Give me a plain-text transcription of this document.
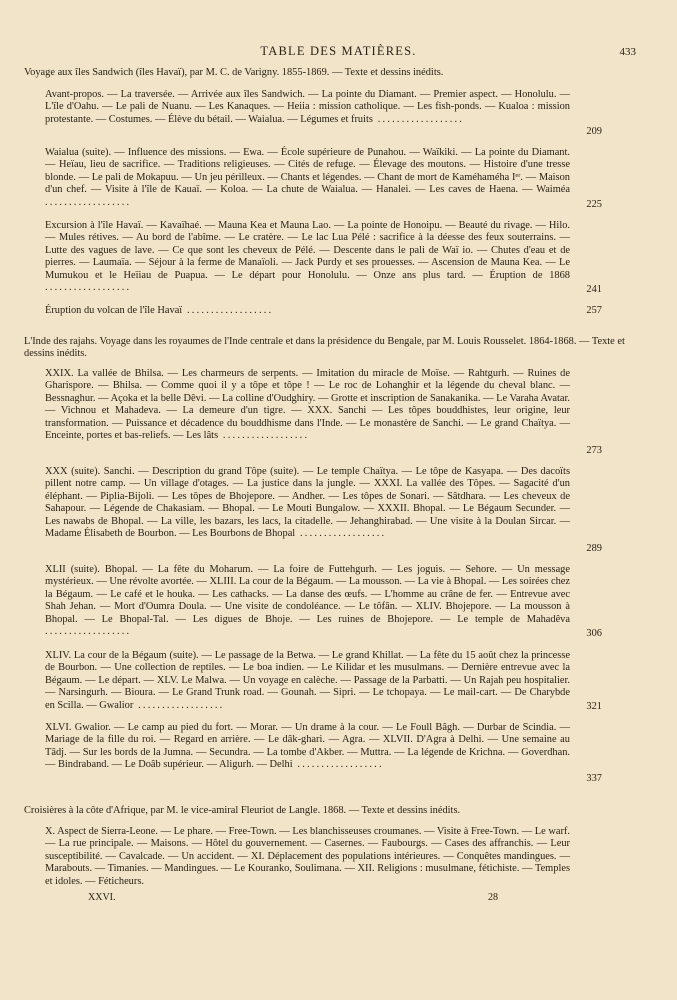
TABLE DES MATIÈRES.	433
Voyage aux îles Sandwich (îles Havaï), par M. C. de Varigny. 1855-1869. — Texte et dessins inédits.
Avant-propos. — La traversée. — Arrivée aux îles Sandwich. — La pointe du Diamant. — Premier aspect. — Honolulu. — L'île d'Oahu. — Le pali de Nuanu. — Les Kanaques. — Heiia : mission catholique. — Les fish-ponds. — Kualoa : mission protestante. — Costumes. — Élève du bétail. — Waialua. — Légumes et fruits ..................
209
Waialua (suite). — Influence des missions. — Ewa. — École supérieure de Punahou. — Waïkiki. — La pointe du Diamant. — Heïau, lieu de sacrifice. — Traditions religieuses. — Cités de refuge. — Élevage des moutons. — Histoire d'une tresse blonde. — Le pali de Mokapuu. — Un jeu périlleux. — Chants et légendes. — Chant de mort de Kaméhaméha Iᵉʳ. — Maison d'un chef. — Visite à l'île de Kauaï. — Koloa. — La chute de Waialua. — Hanalei. — Les caves de Haena. — Waiméa ..................	225
Excursion à l'île Havaï. — Kavaïhaé. — Mauna Kea et Mauna Lao. — La pointe de Honoipu. — Beauté du rivage. — Hilo. — Mules rétives. — Au bord de l'abîme. — Le cratère. — Le lac Lua Pélé : sacrifice à la déesse des feux souterrains. — Lutte des vagues de lave. — Ce que sont les cheveux de Pélé. — Descente dans le pali de Waï io. — Chutes d'eau et de pierres. — Laumaïa. — Séjour à la ferme de Manaïoli. — Jack Purdy et ses prouesses. — Ascension de Mauna Kea. — Le Mumukou et le Heïiau de Puapua. — Le départ pour Honolulu. — Onze ans plus tard. — Éruption de 1868 ..................	241
Éruption du volcan de l'île Havaï ..................	257
L'Inde des rajahs. Voyage dans les royaumes de l'Inde centrale et dans la présidence du Bengale, par M. Louis Rousselet. 1864-1868. — Texte et dessins inédits.
XXIX. La vallée de Bhilsa. — Les charmeurs de serpents. — Imitation du miracle de Moïse. — Rahtgurh. — Ruines de Gharispore. — Bhilsa. — Comme quoi il y a tôpe et tôpe ! — Le roc de Lohanghir et la légende du cheval blanc. — Bessnaghur. — Açoka et la belle Dêvi. — La colline d'Oudghiry. — Grotte et inscription de Sanakanika. — Le Varaha Avatar. — Vichnou et Mahadeva. — La demeure d'un tigre. — XXX. Sanchi — Les tôpes bouddhistes, leur origine, leur transformation. — Puissance et décadence du bouddhisme dans l'Inde. — Le monastère de Sanchi. — Le grand Chaïtya. — Enceinte, portes et bas-reliefs. — Les lâts ..................
273
XXX (suite). Sanchi. — Description du grand Tôpe (suite). — Le temple Chaïtya. — Le tôpe de Kasyapa. — Des dacoïts pillent notre camp. — Un village d'otages. — La justice dans la jungle. — XXXI. La vallée des Tôpes. — Sagacité d'un éléphant. — Piplia-Bijoli. — Les tôpes de Bhojepore. — Andher. — Les tôpes de Sonari. — Sâtdhara. — Les cheveux de Sahapour. — Légende de Chakasiam. — Bhopal. — Le Mouti Bungalow. — XXXII. Bhopal. — Le Bégaum Secunder. — Les nawabs de Bhopal. — La ville, les bazars, les lacs, la citadelle. — Jehanghirabad. — Une visite à la Doulan Sircar. — Madame Élisabeth de Bourbon. — Les Bourbons de Bhopal ..................
289
XLII (suite). Bhopal. — La fête du Moharum. — La foire de Futtehgurh. — Les joguis. — Sehore. — Un message mystérieux. — Une révolte avortée. — XLIII. La cour de la Bégaum. — La mousson. — La vie à Bhopal. — Les soirées chez la Bégaum. — Le café et le houka. — Les cathacks. — La danse des œufs. — L'homme au crâne de fer. — Entrevue avec Shah Jehan. — Mort d'Oumra Doula. — Une visite de condoléance. — Le tôfân. — XLIV. Bhojepore. — La mousson à Bhopal. — Le Bhopal-Tal. — Les digues de Bhoje. — Les ruines de Bhojepore. — Le temple de Mahadêva ..................	306
XLIV. La cour de la Bégaum (suite). — Le passage de la Betwa. — Le grand Khillat. — La fête du 15 août chez la princesse de Bourbon. — Une collection de reptiles. — Le boa indien. — Le Kilidar et les musulmans. — Dernière entrevue avec la Bégaum. — Le départ. — XLV. Le Malwa. — Un voyage en calèche. — Passage de la Parbatti. — Un Rajah peu hospitalier. — Narsingurh. — Bioura. — Le Grand Trunk road. — Gounah. — Sipri. — Le tchopaya. — Le mail-cart. — De Charybde en Scilla. — Gwalior ..................	321
XLVI. Gwalior. — Le camp au pied du fort. — Morar. — Un drame à la cour. — Le Foull Bâgh. — Durbar de Scindia. — Mariage de la fille du roi. — Regard en arrière. — Le dâk-ghari. — Agra. — XLVII. D'Agra à Delhi. — Une semaine au Tâdj. — Sur les bords de la Jumna. — Secundra. — La tombe d'Akber. — Muttra. — La légende de Krichna. — Goverdhan. — Bindraband. — Le Doâb supérieur. — Aligurh. — Delhi ..................
337
Croisières à la côte d'Afrique, par M. le vice-amiral Fleuriot de Langle. 1868. — Texte et dessins inédits.
X. Aspect de Sierra-Leone. — Le phare. — Free-Town. — Les blanchisseuses croumanes. — Visite à Free-Town. — Le warf. — La rue principale. — Maisons. — Hôtel du gouvernement. — Casernes. — Faubourgs. — Cases des affranchis. — Leur susceptibilité. — Cavalcade. — Un accident. — XI. Déplacement des populations intérieures. — Conquêtes mandingues. — Marabouts. — Timanies. — Mandingues. — Le Kouranko, Soulimana. — XII. Religions : musulmane, fétichiste. — Temples et idoles. — Féticheurs.
XXVI.	28
